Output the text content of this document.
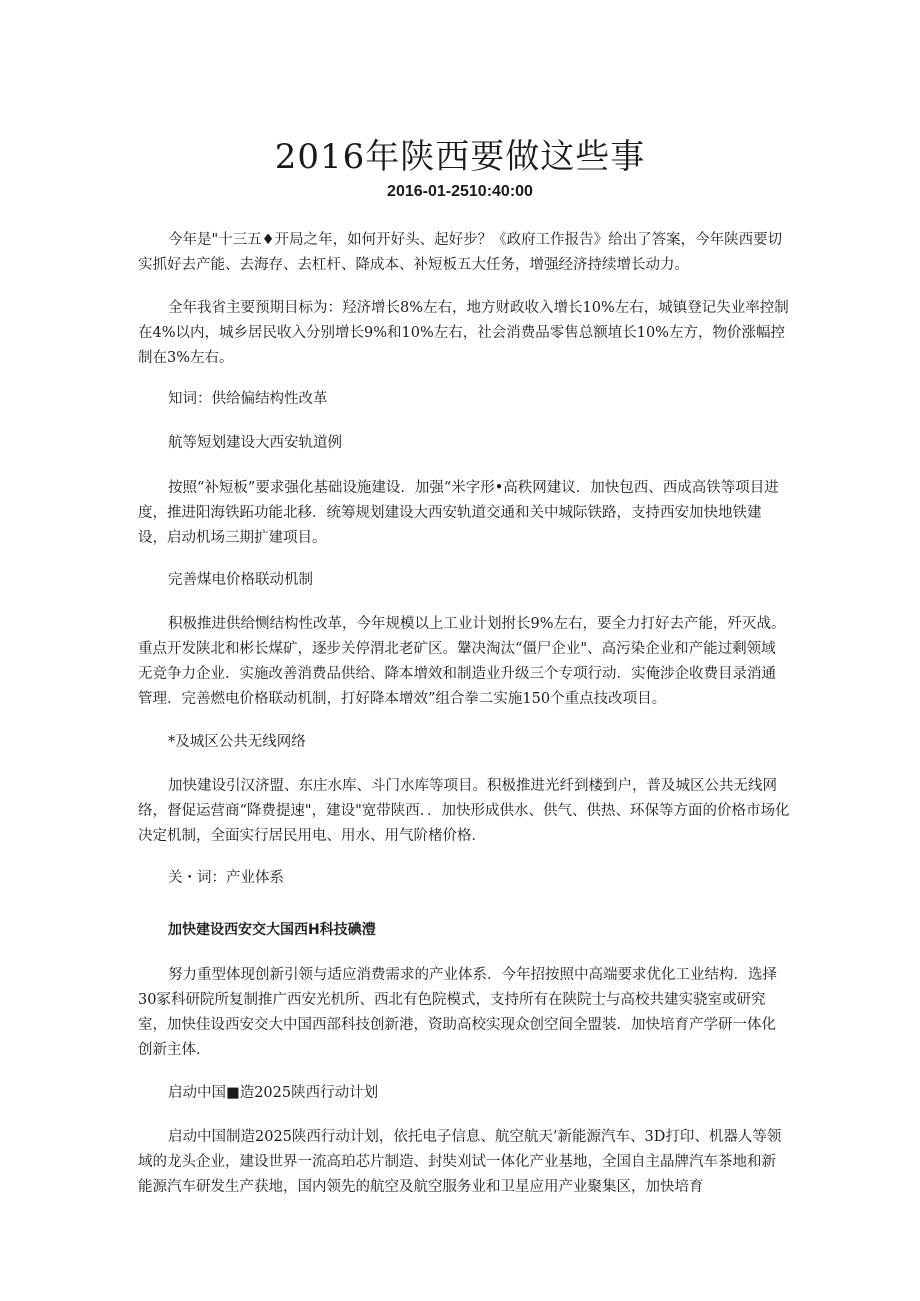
2016年陕西要做这些事
2016-01-2510:40:00

今年是"十三五♦开局之年，如何开好头、起好步？《政府工作报告》给出了答案，今年陕西要切实抓好去产能、去海存、去杠杆、降成本、补短板五大任务，增强经济持续增长动力。

全年我省主要预期目标为：羟济增长8%左右，地方财政收入增长10%左右，城镇登记失业率控制在4%以内，城乡居民收入分别增长9%和10%左右，社会消费品零售总额埴长10%左方，物价涨幅控制在3%左右。

知词：供给偏结构性改革

航等短划建设大西安轨道例

按照“补短板”要求强化基础设施建设．加强“米字形•高秩网建议．加快包西、西成高铁等项目进度，推进阳海铁跖功能北移．统筹规划建设大西安轨道交通和关中城际铁路，支持西安加快地铁建设，启动机场三期扩建项目。

完善煤电价格联动机制

积极推进供给恻结构性改革，今年规模以上工业计划拊长9%左右，要全力打好去产能，歼灭战。重点开发陕北和彬长煤矿，逐步关停渭北老矿区。鞶决淘汰“僵尸企业"、高污染企业和产能过剩领域无竞争力企业．实施改善消费品供给、降本增效和制造业升级三个专项行动．实俺涉企收费目录消通管理．完善燃电价格联动机制，打好降本增效”组合拳二实施150个重点技改项目。

*及城区公共无线网络

加快建设引汉济盟、东庄水库、斗门水库等项目。积极推进光纤到楼到户，普及城区公共无线网络，督促运营商“降费提速"，建设"宽带陕西．．加快形成供水、供气、供热、环保等方面的价格市场化决定机制，全面实行居民用电、用水、用气阶楮价格．

关・词：产业体系

加快建设西安交大国西H科技碘澧

努力重型体现创新引领与适应消费需求的产业体系．今年招按照中高端要求优化工业结构．选择30冢科研院所复制推广西安光机所、西北有色院模式，支持所有在陕院士与高校共建实骁室或研究室，加快佳设西安交大中国西部科技创新港，资助高校实现众创空间全盟装．加快培育产学研一体化创新主体．

启动中国■造2025陕西行动计划

启动中国制造2025陕西行动计划，依托电子信息、航空航天’新能源汽车、3D打印、机器人等领域的龙头企业，建设世界一流高珀芯片制造、封奘刈试一体化产业基地，全国自主晶牌汽车茶地和新能源汽车研发生产获地，国内领先的航空及航空服务业和卫星应用产业聚集区，加快培育
